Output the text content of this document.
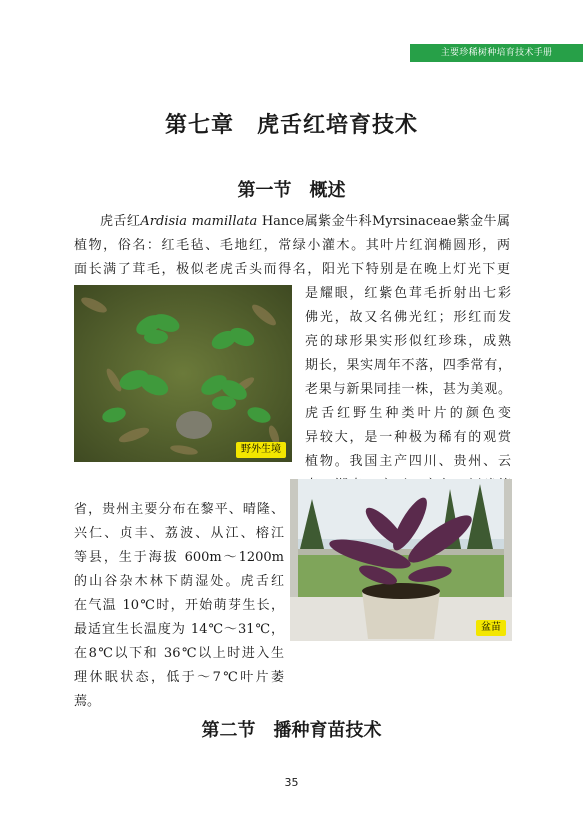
主要珍稀树种培育技术手册
第七章　虎舌红培育技术
第一节　概述

虎舌红Ardisia mamillata Hance属紫金牛科Myrsinaceae紫金牛属

植物，俗名：红毛毡、毛地红，常绿小灌木。其叶片红润椭圆形，两

面长满了茸毛，极似老虎舌头而得名，阳光下特别是在晚上灯光下更

野外生境

是耀眼，红紫色茸毛折射出七彩

佛光，故又名佛光红；形红而发

亮的球形果实形似红珍珠，成熟

期长，果实周年不落，四季常有，

老果与新果同挂一株，甚为美观。

虎舌红野生种类叶片的颜色变

异较大，是一种极为稀有的观赏

植物。我国主产四川、贵州、云

盆苗

省，贵州主要分布在黎平、晴隆、

兴仁、贞丰、荔波、从江、榕江

等县，生于海拔 600m～1200m

的山谷杂木林下荫湿处。虎舌红

在气温 10℃时，开始萌芽生长，

最适宜生长温度为 14℃～31℃，

在8℃以下和 36℃以上时进入生

理休眠状态，低于～7℃叶片萎

蔫。

第二节　播种育苗技术
35
